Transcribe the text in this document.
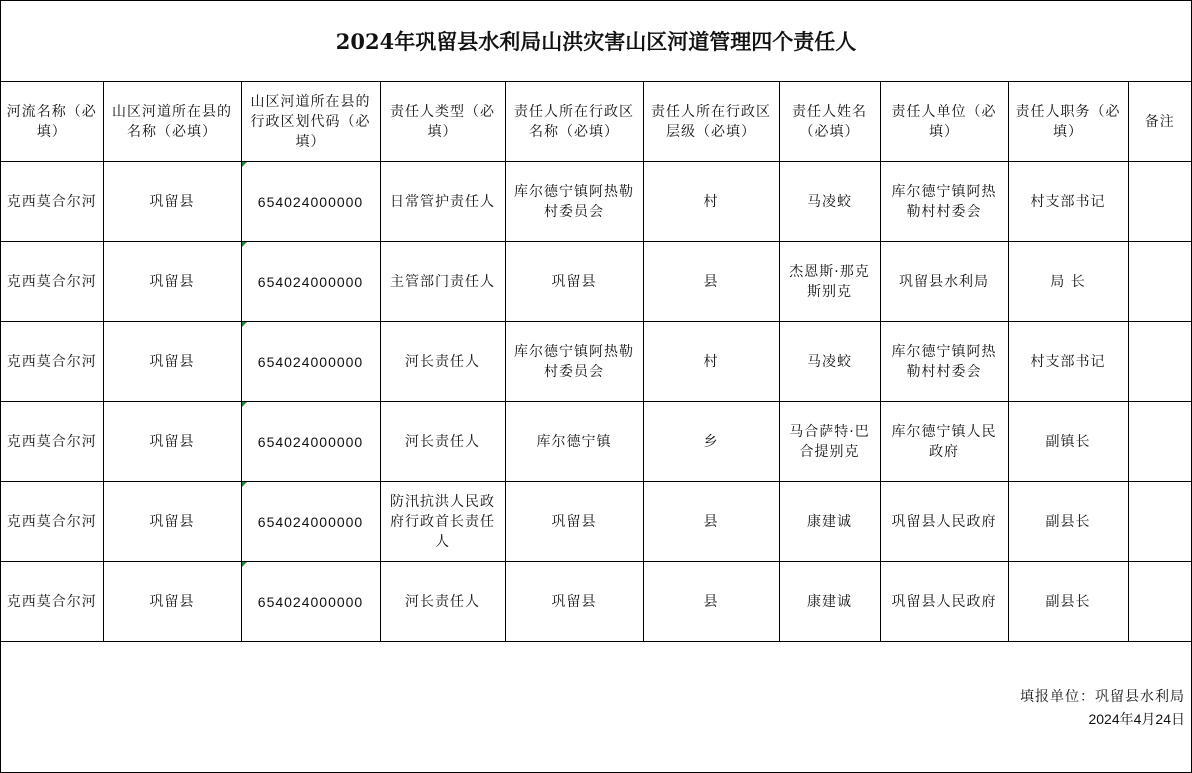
2024年巩留县水利局山洪灾害山区河道管理四个责任人
河流名称（必填）	山区河道所在县的名称（必填）	山区河道所在县的行政区划代码（必填）	责任人类型（必填）	责任人所在行政区名称（必填）	责任人所在行政区层级（必填）	责任人姓名（必填）	责任人单位（必填）	责任人职务（必填）	备注
克西莫合尔河	巩留县	654024000000	日常管护责任人	库尔德宁镇阿热勒村委员会	村	马凌蛟	库尔德宁镇阿热勒村村委会	村支部书记	
克西莫合尔河	巩留县	654024000000	主管部门责任人	巩留县	县	杰恩斯·那克斯别克	巩留县水利局	局 长	
克西莫合尔河	巩留县	654024000000	河长责任人	库尔德宁镇阿热勒村委员会	村	马凌蛟	库尔德宁镇阿热勒村村委会	村支部书记	
克西莫合尔河	巩留县	654024000000	河长责任人	库尔德宁镇	乡	马合萨特·巴合提别克	库尔德宁镇人民政府	副镇长	
克西莫合尔河	巩留县	654024000000	防汛抗洪人民政府行政首长责任人	巩留县	县	康建诚	巩留县人民政府	副县长	
克西莫合尔河	巩留县	654024000000	河长责任人	巩留县	县	康建诚	巩留县人民政府	副县长	
填报单位：巩留县水利局
2024年4月24日
